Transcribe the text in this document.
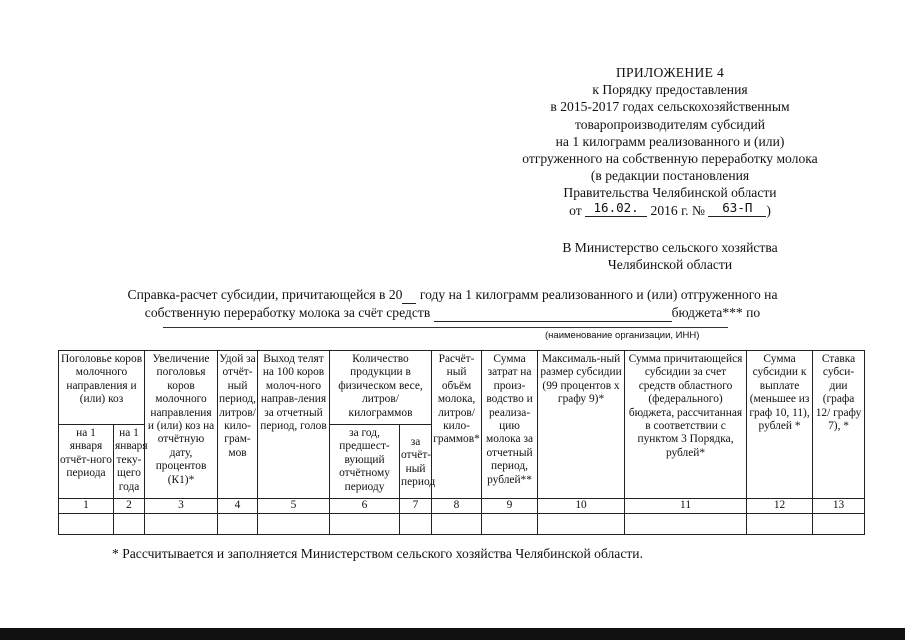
ПРИЛОЖЕНИЕ 4
к Порядку предоставления
в 2015-2017 годах сельскохозяйственным
товаропроизводителям субсидий
на 1 килограмм реализованного и (или)
отгруженного на собственную переработку молока
(в редакции постановления
Правительства Челябинской области
от 16.02. 2016 г. № 63-П )
В Министерство сельского хозяйства
Челябинской области
Справка-расчет субсидии, причитающейся в 20  году на 1 килограмм реализованного и (или) отгруженного на
собственную переработку молока за счёт средств	бюджета*** по
(наименование организации, ИНН)
Поголовье коров молочного направления и (или) коз		Увеличение поголовья коров молочного направления и (или) коз на отчётную дату, процентов (К1)*	Удой за отчёт-ный период, литров/ кило-грам-мов	Выход телят на 100 коров молоч-ного направ-ления за отчетный период, голов	Количество продукции в физическом весе, литров/ килограммов		Расчёт-ный объём молока, литров/ кило-граммов*	Сумма затрат на произ-водство и реализа-цию молока за отчетный период, рублей**	Максималь-ный размер субсидии (99 процентов х графу 9)*	Сумма причитающейся субсидии за счет средств областного (федерального) бюджета, рассчитанная в соответствии с пунктом 3 Порядка, рублей*	Сумма субсидии к выплате (меньшее из граф 10, 11), рублей *	Ставка субси-дии (графа 12/ графу 7), *
на 1 января отчёт-ного периода	на 1 января теку-щего года				за год, предшест-вующий отчётному периоду	за отчёт-ный период						
1	2	3	4	5	6	7	8	9	10	11	12	13

* Рассчитывается и заполняется Министерством сельского хозяйства Челябинской области.
